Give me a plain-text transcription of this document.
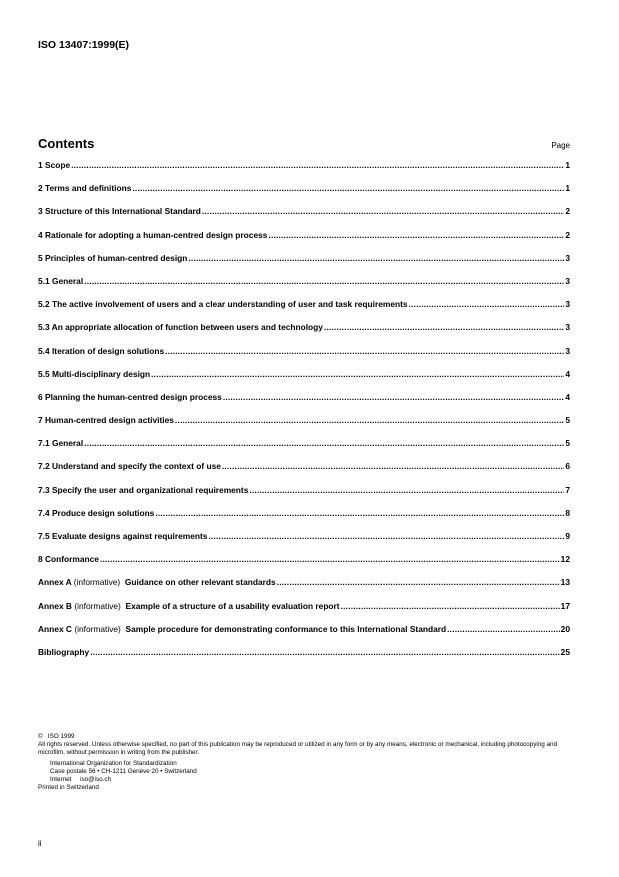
ISO 13407:1999(E)
Contents	Page
1 Scope .....	1
2 Terms and definitions .....	1
3 Structure of this International Standard .....	2
4 Rationale for adopting a human-centred design process .....	2
5 Principles of human-centred design .....	3
5.1 General .....	3
5.2 The active involvement of users and a clear understanding of user and task requirements .....	3
5.3 An appropriate allocation of function between users and technology .....	3
5.4 Iteration of design solutions .....	3
5.5 Multi-disciplinary design .....	4
6 Planning the human-centred design process .....	4
7 Human-centred design activities .....	5
7.1 General .....	5
7.2 Understand and specify the context of use .....	6
7.3 Specify the user and organizational requirements .....	7
7.4 Produce design solutions .....	8
7.5 Evaluate designs against requirements .....	9
8 Conformance .....	12
Annex A (informative) Guidance on other relevant standards .....	13
Annex B (informative) Example of a structure of a usability evaluation report .....	17
Annex C (informative) Sample procedure for demonstrating conformance to this International Standard .....	20
Bibliography .....	25

© ISO 1999

All rights reserved. Unless otherwise specified, no part of this publication may be reproduced or utilized in any form or by any means, electronic or mechanical, including photocopying and microfilm, without permission in writing from the publisher.

International Organization for Standardization

Case postale 56 • CH-1211 Genève 20 • Switzerland

Internet iso@iso.ch

Printed in Switzerland

ii
